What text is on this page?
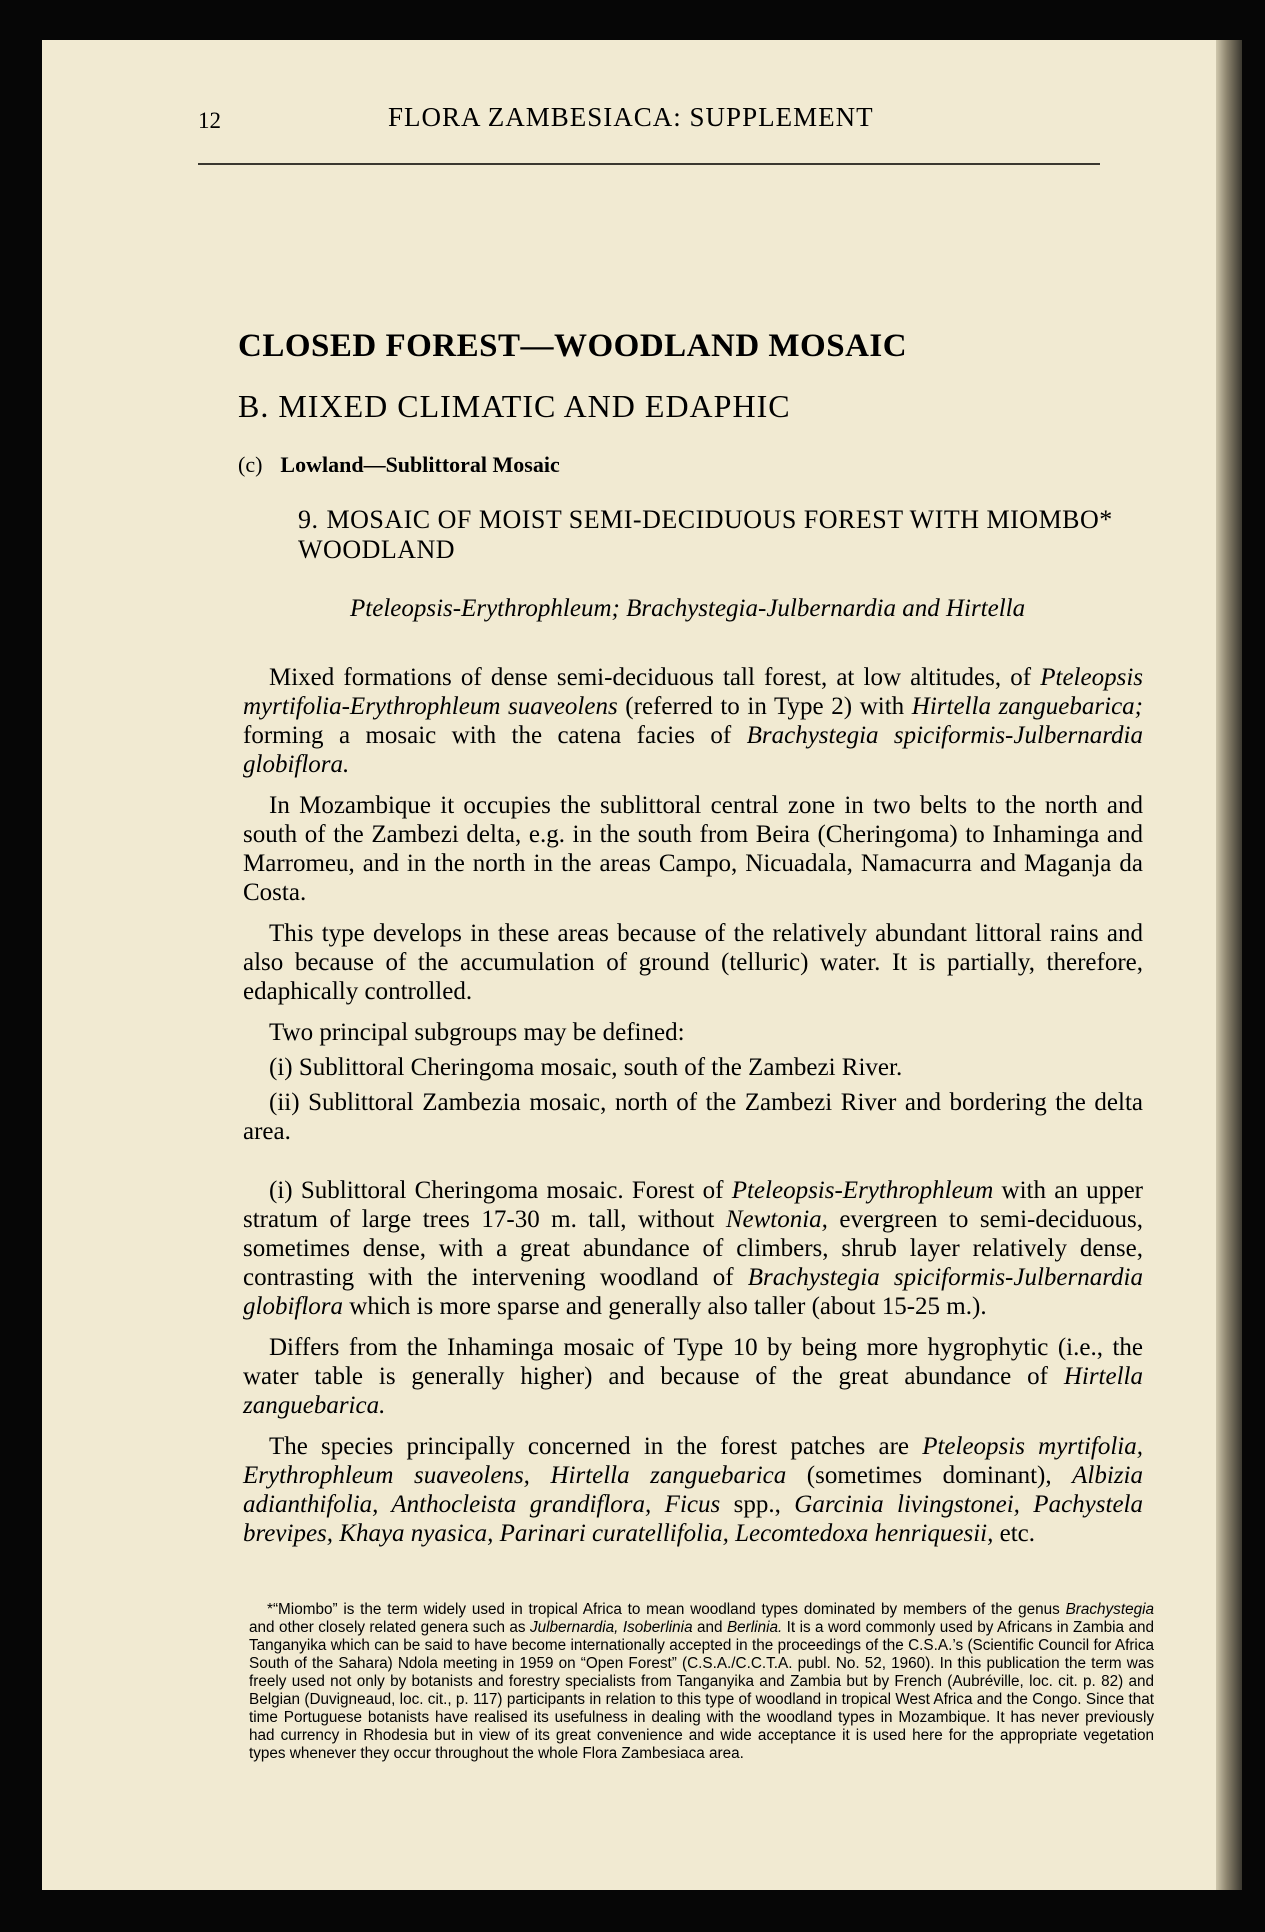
12	FLORA ZAMBESIACA: SUPPLEMENT
CLOSED FOREST—WOODLAND MOSAIC
B. MIXED CLIMATIC AND EDAPHIC
(c) Lowland—Sublittoral Mosaic
9. MOSAIC OF MOIST SEMI-DECIDUOUS FOREST WITH MIOMBO* WOODLAND
Pteleopsis-Erythrophleum; Brachystegia-Julbernardia and Hirtella

Mixed formations of dense semi-deciduous tall forest, at low altitudes, of Pteleopsis myrtifolia-Erythrophleum suaveolens (referred to in Type 2) with Hirtella zanguebarica; forming a mosaic with the catena facies of Brachystegia spiciformis-Julbernardia globiflora.

In Mozambique it occupies the sublittoral central zone in two belts to the north and south of the Zambezi delta, e.g. in the south from Beira (Cheringoma) to Inhaminga and Marromeu, and in the north in the areas Campo, Nicuadala, Namacurra and Maganja da Costa.

This type develops in these areas because of the relatively abundant littoral rains and also because of the accumulation of ground (telluric) water. It is partially, therefore, edaphically controlled.

Two principal subgroups may be defined:

(i) Sublittoral Cheringoma mosaic, south of the Zambezi River.

(ii) Sublittoral Zambezia mosaic, north of the Zambezi River and bordering the delta area.

(i) Sublittoral Cheringoma mosaic. Forest of Pteleopsis-Erythrophleum with an upper stratum of large trees 17-30 m. tall, without Newtonia, evergreen to semi-deciduous, sometimes dense, with a great abundance of climbers, shrub layer relatively dense, contrasting with the intervening woodland of Brachystegia spiciformis-Julbernardia globiflora which is more sparse and generally also taller (about 15-25 m.).

Differs from the Inhaminga mosaic of Type 10 by being more hygrophytic (i.e., the water table is generally higher) and because of the great abundance of Hirtella zanguebarica.

The species principally concerned in the forest patches are Pteleopsis myrtifolia, Erythrophleum suaveolens, Hirtella zanguebarica (sometimes dominant), Albizia adianthifolia, Anthocleista grandiflora, Ficus spp., Garcinia livingstonei, Pachystela brevipes, Khaya nyasica, Parinari curatellifolia, Lecomtedoxa henriquesii, etc.

*“Miombo” is the term widely used in tropical Africa to mean woodland types dominated by members of the genus Brachystegia and other closely related genera such as Julbernardia, Isoberlinia and Berlinia. It is a word commonly used by Africans in Zambia and Tanganyika which can be said to have become internationally accepted in the proceedings of the C.S.A.’s (Scientific Council for Africa South of the Sahara) Ndola meeting in 1959 on “Open Forest” (C.S.A./C.C.T.A. publ. No. 52, 1960). In this publication the term was freely used not only by botanists and forestry specialists from Tanganyika and Zambia but by French (Aubréville, loc. cit. p. 82) and Belgian (Duvigneaud, loc. cit., p. 117) participants in relation to this type of woodland in tropical West Africa and the Congo. Since that time Portuguese botanists have realised its usefulness in dealing with the woodland types in Mozambique. It has never previously had currency in Rhodesia but in view of its great convenience and wide acceptance it is used here for the appropriate vegetation types whenever they occur throughout the whole Flora Zambesiaca area.
